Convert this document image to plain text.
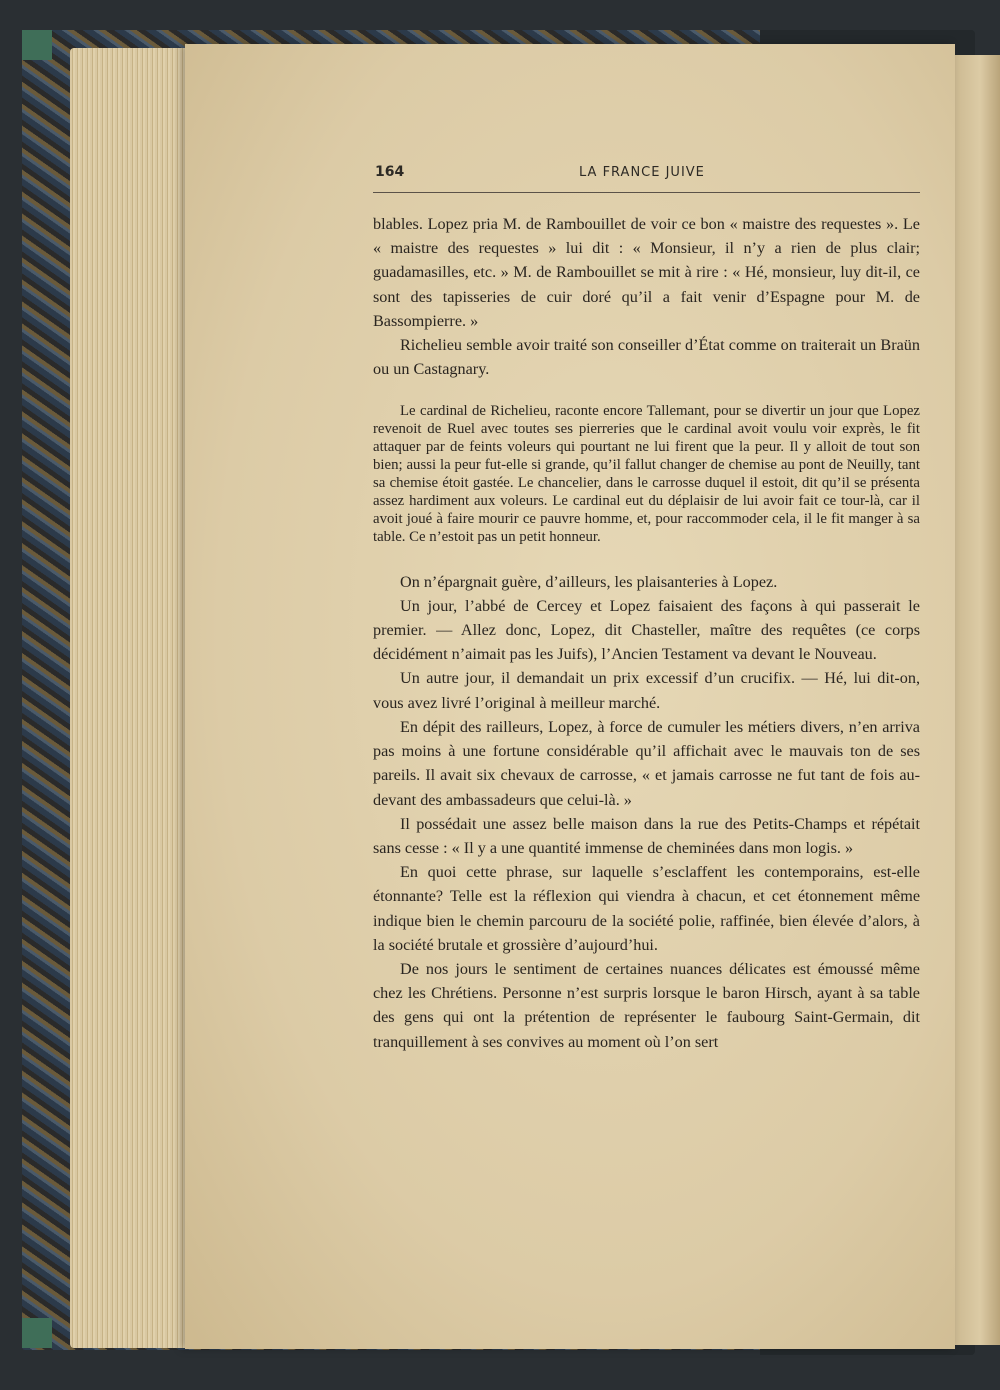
164	LA FRANCE JUIVE

blables. Lopez pria M. de Rambouillet de voir ce bon « maistre des requestes ». Le « maistre des requestes » lui dit : « Monsieur, il n’y a rien de plus clair; guadamasilles, etc. » M. de Rambouillet se mit à rire : « Hé, monsieur, luy dit-il, ce sont des tapisseries de cuir doré qu’il a fait venir d’Espagne pour M. de Bassompierre. »

Richelieu semble avoir traité son conseiller d’État comme on traiterait un Braün ou un Castagnary.

Le cardinal de Richelieu, raconte encore Tallemant, pour se divertir un jour que Lopez revenoit de Ruel avec toutes ses pierreries que le cardinal avoit voulu voir exprès, le fit attaquer par de feints voleurs qui pourtant ne lui firent que la peur. Il y alloit de tout son bien; aussi la peur fut-elle si grande, qu’il fallut changer de chemise au pont de Neuilly, tant sa chemise étoit gastée. Le chancelier, dans le carrosse duquel il estoit, dit qu’il se présenta assez hardiment aux voleurs. Le cardinal eut du déplaisir de lui avoir fait ce tour-là, car il avoit joué à faire mourir ce pauvre homme, et, pour raccommoder cela, il le fit manger à sa table. Ce n’estoit pas un petit honneur.

On n’épargnait guère, d’ailleurs, les plaisanteries à Lopez.

Un jour, l’abbé de Cercey et Lopez faisaient des façons à qui passerait le premier. — Allez donc, Lopez, dit Chasteller, maître des requêtes (ce corps décidément n’aimait pas les Juifs), l’Ancien Testament va devant le Nouveau.

Un autre jour, il demandait un prix excessif d’un crucifix. — Hé, lui dit-on, vous avez livré l’original à meilleur marché.

En dépit des railleurs, Lopez, à force de cumuler les métiers divers, n’en arriva pas moins à une fortune considérable qu’il affichait avec le mauvais ton de ses pareils. Il avait six chevaux de carrosse, « et jamais carrosse ne fut tant de fois au-devant des ambassadeurs que celui-là. »

Il possédait une assez belle maison dans la rue des Petits-Champs et répétait sans cesse : « Il y a une quantité immense de cheminées dans mon logis. »

En quoi cette phrase, sur laquelle s’esclaffent les contemporains, est-elle étonnante? Telle est la réflexion qui viendra à chacun, et cet étonnement même indique bien le chemin parcouru de la société polie, raffinée, bien élevée d’alors, à la société brutale et grossière d’aujourd’hui.

De nos jours le sentiment de certaines nuances délicates est émoussé même chez les Chrétiens. Personne n’est surpris lorsque le baron Hirsch, ayant à sa table des gens qui ont la prétention de représenter le faubourg Saint-Germain, dit tranquillement à ses convives au moment où l’on sert
